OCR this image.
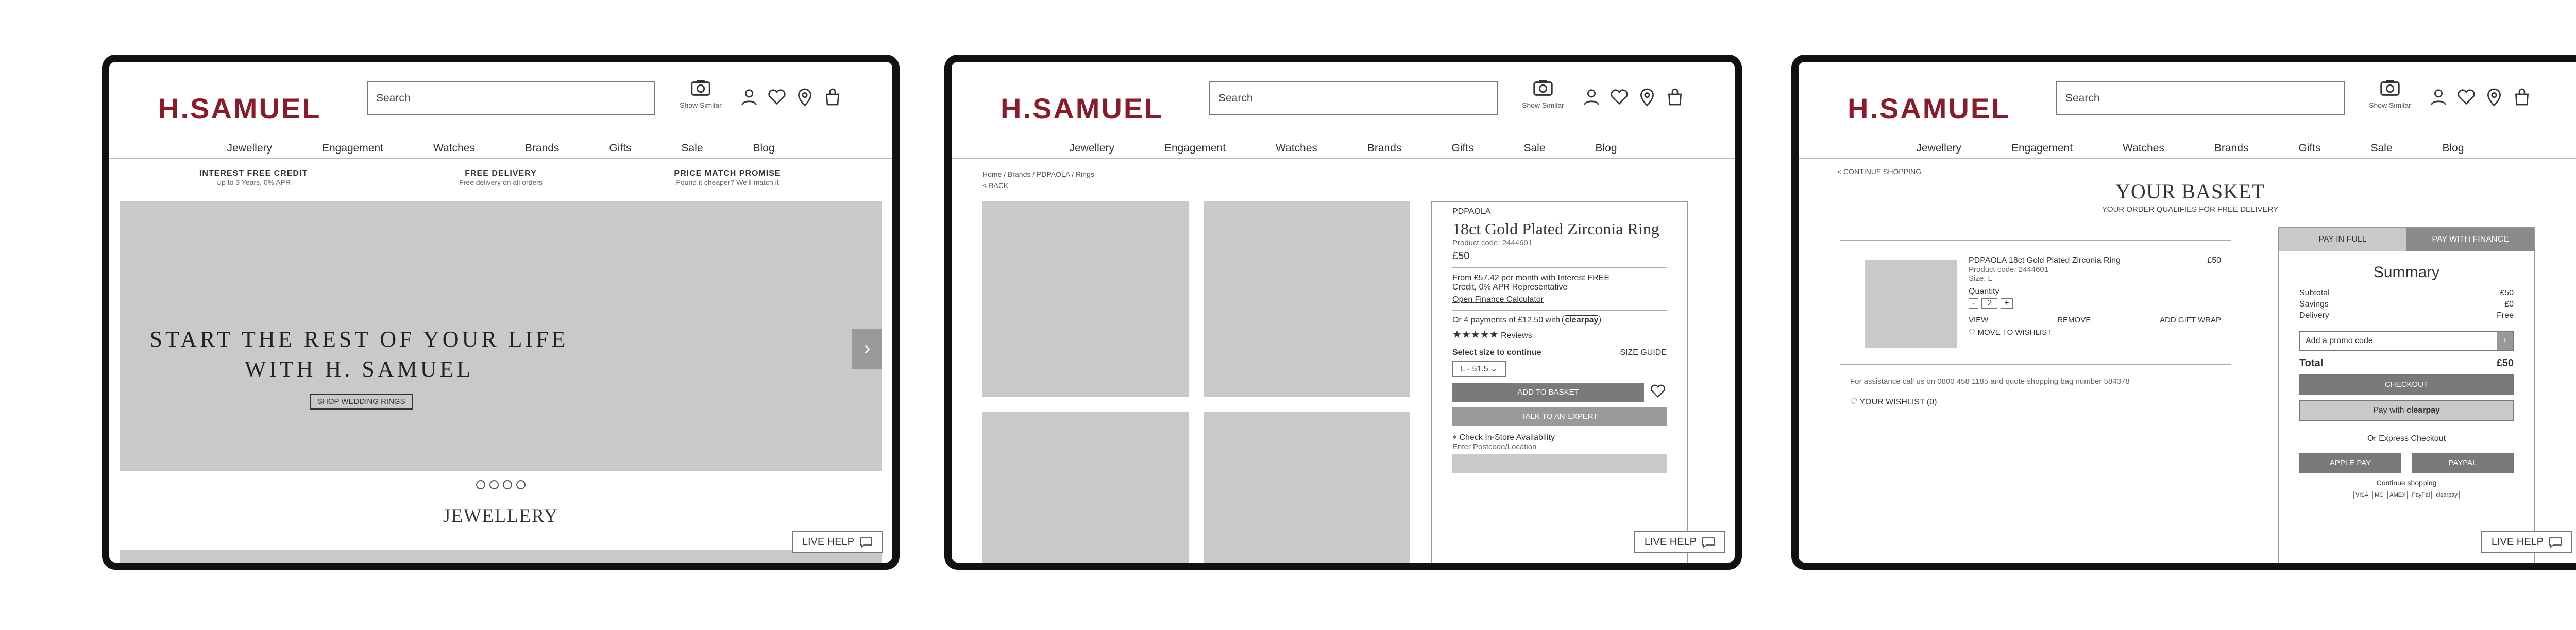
H.SAMUEL	Search
Show Similar
Jewellery	Engagement	Watches	Brands	Gifts	Sale	Blog
INTEREST FREE CREDIT
Up to 3 Years, 0% APR
FREE DELIVERY
Free delivery on all orders
PRICE MATCH PROMISE
Found it cheaper? We'll match it
START THE REST OF YOUR LIFE
WITH H. SAMUEL
SHOP WEDDING RINGS
›
JEWELLERY
LIVE HELP
H.SAMUEL	Search
Show Similar
Jewellery	Engagement	Watches	Brands	Gifts	Sale	Blog
Home / Brands / PDPAOLA / Rings
< BACK
PDPAOLA
18ct Gold Plated Zirconia Ring
Product code: 2444601
£50
From £57.42 per month with Interest FREE
Credit, 0% APR Representative
Open Finance Calculator
Or 4 payments of £12.50 with clearpay
★★★★★ Reviews
Select size to continue	SIZE GUIDE
L - 51.5 ⌄
ADD TO BASKET
TALK TO AN EXPERT
⌖ Check In-Store Availability
Enter Postcode/Location
LIVE HELP
H.SAMUEL	Search
Show Similar
Jewellery	Engagement	Watches	Brands	Gifts	Sale	Blog
< CONTINUE SHOPPING
YOUR BASKET
YOUR ORDER QUALIFIES FOR FREE DELIVERY
PDPAOLA 18ct Gold Plated Zirconia Ring	£50
Product code: 2444601
Size: L
Quantity
-	2	+
VIEW	REMOVE	ADD GIFT WRAP
♡ MOVE TO WISHLIST
For assistance call us on 0800 458 1185 and quote shopping bag number 584378
♡ YOUR WISHLIST (0)
PAY IN FULL	PAY WITH FINANCE
Summary
Subtotal	£50
Savings	£0
Delivery	Free
Add a promo code	+
Total	£50
CHECKOUT
Pay with clearpay
Or Express Checkout
APPLE PAY	PAYPAL
Continue shopping
VISA	MC	AMEX	PayPal	clearpay
LIVE HELP
